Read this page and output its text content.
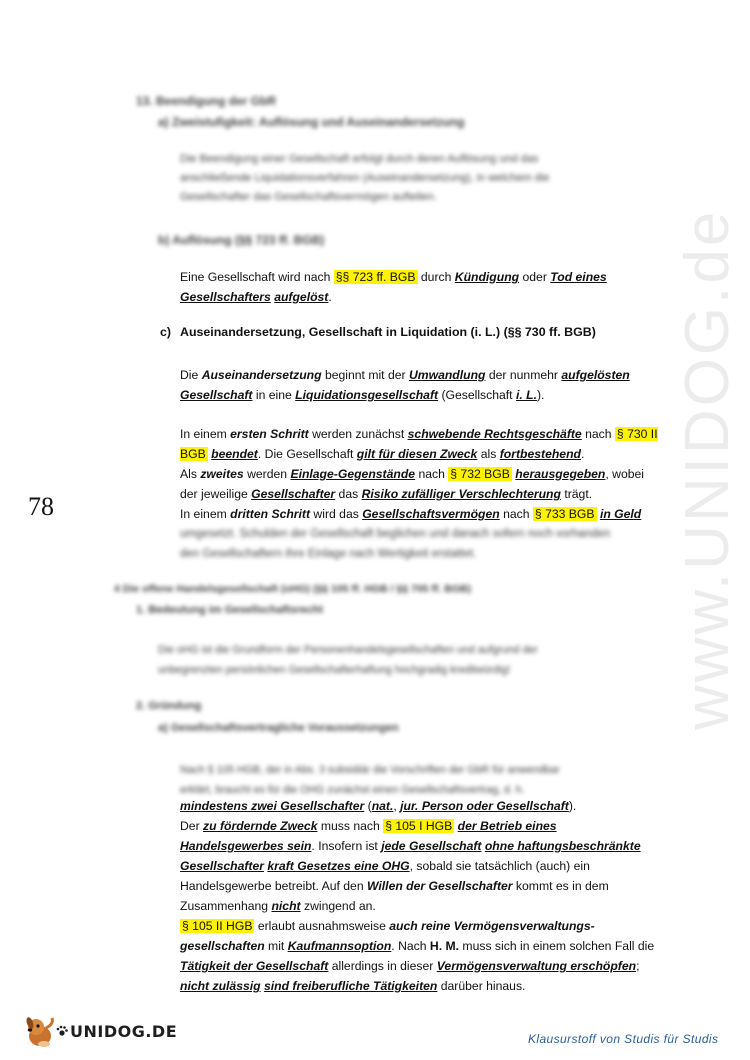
78	www.UNIDOG.de
13. Beendigung der GbR
a) Zweistufigkeit: Auflösung und Auseinandersetzung

Die Beendigung einer Gesellschaft erfolgt durch deren Auflösung und das

anschließende Liquidationsverfahren (Auseinandersetzung), in welchem die

Gesellschafter das Gesellschaftsvermögen aufteilen.

b) Auflösung (§§ 723 ff. BGB)
Eine Gesellschaft wird nach §§ 723 ff. BGB durch Kündigung oder Tod eines Gesellschafters aufgelöst.
c) Auseinandersetzung, Gesellschaft in Liquidation (i. L.) (§§ 730 ff. BGB)
Die Auseinandersetzung beginnt mit der Umwandlung der nunmehr aufgelösten Gesellschaft in eine Liquidationsgesellschaft (Gesellschaft i. L.).

In einem ersten Schritt werden zunächst schwebende Rechtsgeschäfte nach § 730 II BGB beendet. Die Gesellschaft gilt für diesen Zweck als fortbestehend.

Als zweites werden Einlage-Gegenstände nach § 732 BGB herausgegeben, wobei der jeweilige Gesellschafter das Risiko zufälliger Verschlechterung trägt.

In einem dritten Schritt wird das Gesellschaftsvermögen nach § 733 BGB in Geld

umgesetzt. Schulden der Gesellschaft beglichen und danach sofern noch vorhanden

den Gesellschaftern ihre Einlage nach Wertigkeit erstattet.

4 Die offene Handelsgesellschaft (oHG) (§§ 105 ff. HGB / §§ 705 ff. BGB)
1. Bedeutung im Gesellschaftsrecht

Die oHG ist die Grundform der Personenhandelsgesellschaften und aufgrund der

unbegrenzten persönlichen Gesellschafterhaftung hochgradig kreditwürdig!

2. Gründung
a) Gesellschaftsvertragliche Voraussetzungen

Nach § 105 HGB, der in Abs. 3 subsidiär die Vorschriften der GbR für anwendbar

erklärt, braucht es für die OHG zunächst einen Gesellschaftsvertrag, d. h.

mindestens zwei Gesellschafter (nat., jur. Person oder Gesellschaft).

Der zu fördernde Zweck muss nach § 105 I HGB der Betrieb eines Handelsgewerbes sein. Insofern ist jede Gesellschaft ohne haftungsbeschränkte Gesellschafter kraft Gesetzes eine OHG, sobald sie tatsächlich (auch) ein Handelsgewerbe betreibt. Auf den Willen der Gesellschafter kommt es in dem Zusammenhang nicht zwingend an.

§ 105 II HGB erlaubt ausnahmsweise auch reine Vermögensverwaltungs-gesellschaften mit Kaufmannsoption. Nach H. M. muss sich in einem solchen Fall die Tätigkeit der Gesellschaft allerdings in dieser Vermögensverwaltung erschöpfen; nicht zulässig sind freiberufliche Tätigkeiten darüber hinaus.

UNIDOG.DE	Klausurstoff von Studis für Studis
